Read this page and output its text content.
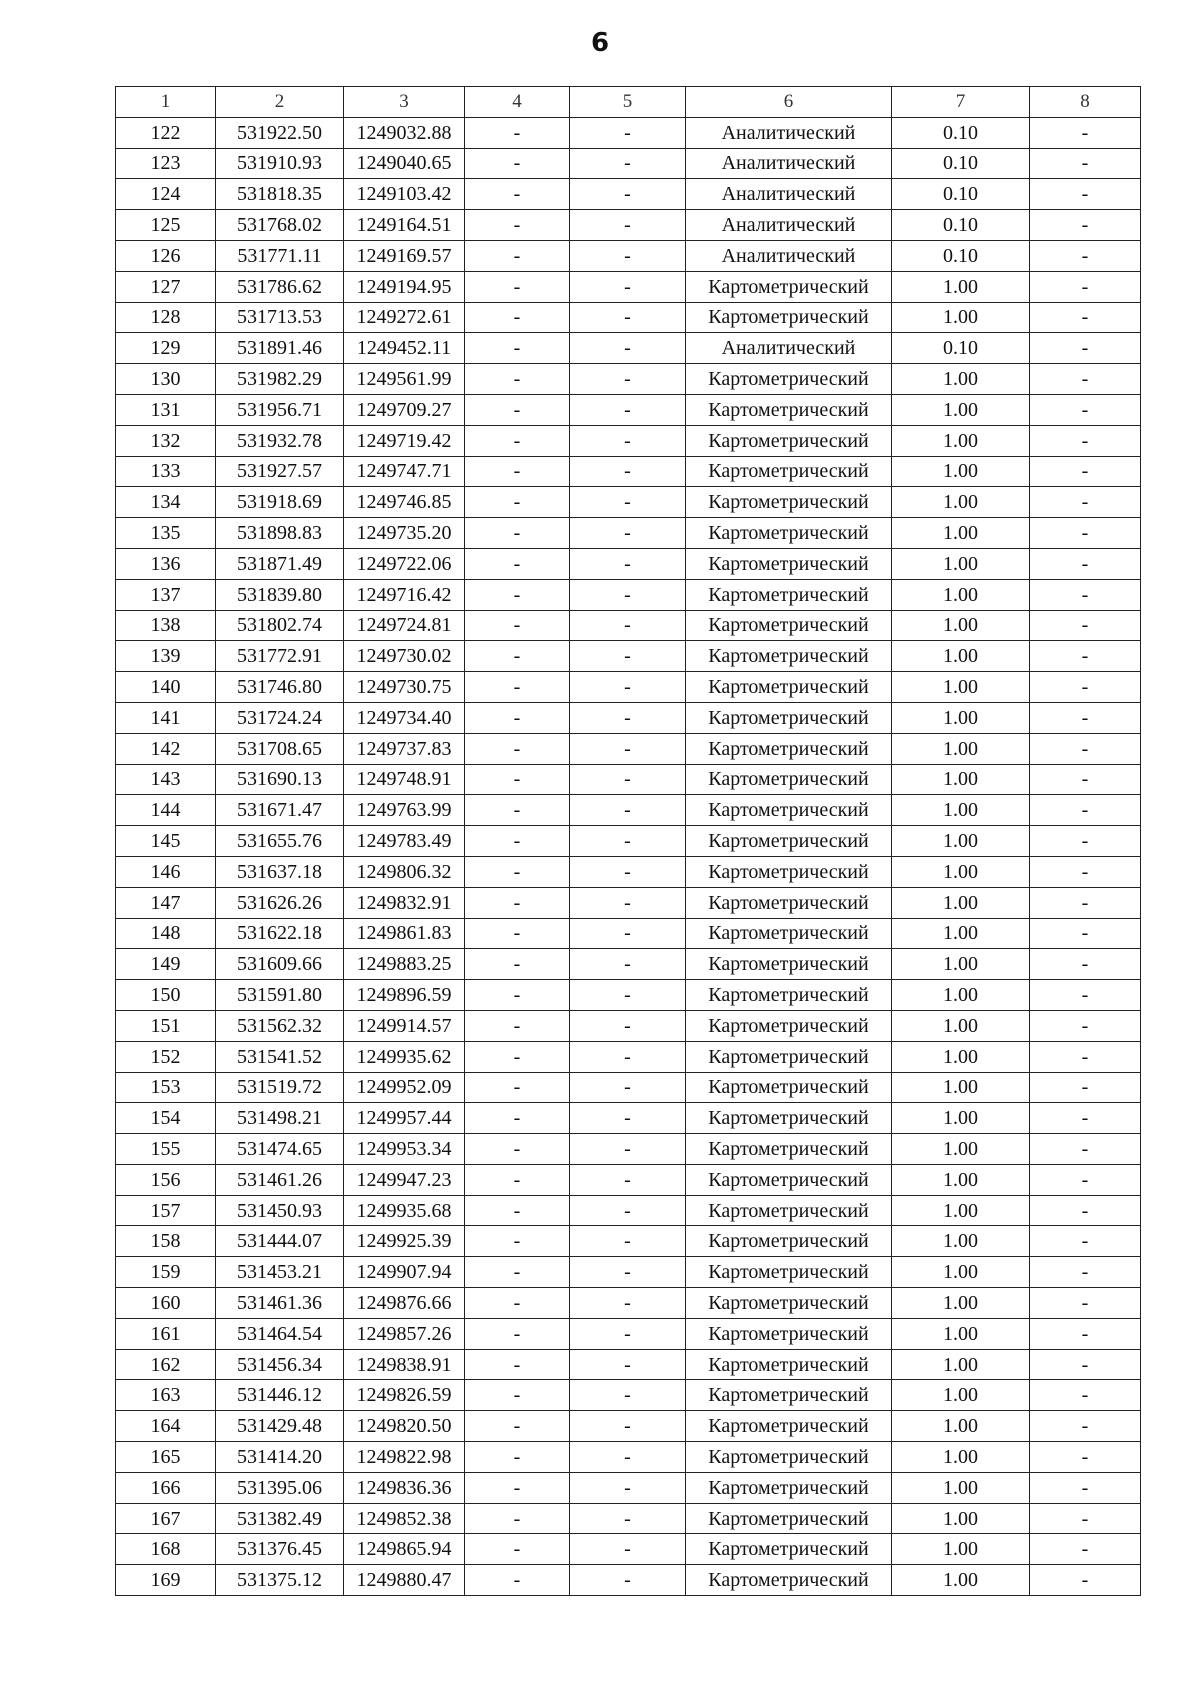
6
1	2	3	4	5	6	7	8
122	531922.50	1249032.88	-	-	Аналитический	0.10	-
123	531910.93	1249040.65	-	-	Аналитический	0.10	-
124	531818.35	1249103.42	-	-	Аналитический	0.10	-
125	531768.02	1249164.51	-	-	Аналитический	0.10	-
126	531771.11	1249169.57	-	-	Аналитический	0.10	-
127	531786.62	1249194.95	-	-	Картометрический	1.00	-
128	531713.53	1249272.61	-	-	Картометрический	1.00	-
129	531891.46	1249452.11	-	-	Аналитический	0.10	-
130	531982.29	1249561.99	-	-	Картометрический	1.00	-
131	531956.71	1249709.27	-	-	Картометрический	1.00	-
132	531932.78	1249719.42	-	-	Картометрический	1.00	-
133	531927.57	1249747.71	-	-	Картометрический	1.00	-
134	531918.69	1249746.85	-	-	Картометрический	1.00	-
135	531898.83	1249735.20	-	-	Картометрический	1.00	-
136	531871.49	1249722.06	-	-	Картометрический	1.00	-
137	531839.80	1249716.42	-	-	Картометрический	1.00	-
138	531802.74	1249724.81	-	-	Картометрический	1.00	-
139	531772.91	1249730.02	-	-	Картометрический	1.00	-
140	531746.80	1249730.75	-	-	Картометрический	1.00	-
141	531724.24	1249734.40	-	-	Картометрический	1.00	-
142	531708.65	1249737.83	-	-	Картометрический	1.00	-
143	531690.13	1249748.91	-	-	Картометрический	1.00	-
144	531671.47	1249763.99	-	-	Картометрический	1.00	-
145	531655.76	1249783.49	-	-	Картометрический	1.00	-
146	531637.18	1249806.32	-	-	Картометрический	1.00	-
147	531626.26	1249832.91	-	-	Картометрический	1.00	-
148	531622.18	1249861.83	-	-	Картометрический	1.00	-
149	531609.66	1249883.25	-	-	Картометрический	1.00	-
150	531591.80	1249896.59	-	-	Картометрический	1.00	-
151	531562.32	1249914.57	-	-	Картометрический	1.00	-
152	531541.52	1249935.62	-	-	Картометрический	1.00	-
153	531519.72	1249952.09	-	-	Картометрический	1.00	-
154	531498.21	1249957.44	-	-	Картометрический	1.00	-
155	531474.65	1249953.34	-	-	Картометрический	1.00	-
156	531461.26	1249947.23	-	-	Картометрический	1.00	-
157	531450.93	1249935.68	-	-	Картометрический	1.00	-
158	531444.07	1249925.39	-	-	Картометрический	1.00	-
159	531453.21	1249907.94	-	-	Картометрический	1.00	-
160	531461.36	1249876.66	-	-	Картометрический	1.00	-
161	531464.54	1249857.26	-	-	Картометрический	1.00	-
162	531456.34	1249838.91	-	-	Картометрический	1.00	-
163	531446.12	1249826.59	-	-	Картометрический	1.00	-
164	531429.48	1249820.50	-	-	Картометрический	1.00	-
165	531414.20	1249822.98	-	-	Картометрический	1.00	-
166	531395.06	1249836.36	-	-	Картометрический	1.00	-
167	531382.49	1249852.38	-	-	Картометрический	1.00	-
168	531376.45	1249865.94	-	-	Картометрический	1.00	-
169	531375.12	1249880.47	-	-	Картометрический	1.00	-
